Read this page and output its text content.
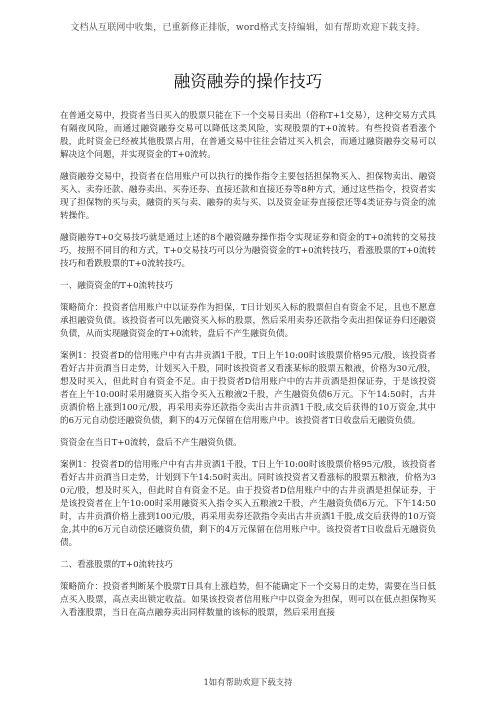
文档从互联网中收集，已重新修正排版，word格式支持编辑，如有帮助欢迎下载支持。
融资融券的操作技巧

在普通交易中，投资者当日买入的股票只能在下一个交易日卖出（俗称T+1交易），这种交易方式具有隔夜风险，而通过融资融券交易可以降低这类风险，实现股票的T+0流转。有些投资者看涨个股，此时资金已经被其他股票占用，在普通交易中往往会错过买入机会，而通过融资融券交易可以解决这个问题，并实现资金的T+0流转。

融资融券交易中，投资者在信用账户可以执行的操作指令主要包括担保物买入、担保物卖出、融资买入、卖券还款、融券卖出、买券还券、直接还款和直接还券等8种方式，通过这些指令，投资者实现了担保物的买与卖，融资的买与卖、融券的卖与买、以及资金证券直接偿还等4类证券与资金的流转操作。

融资融券T+0交易技巧就是通过上述的8个融资融券操作指令实现证券和资金的T+0流转的交易技巧，按照不同目的和方式，T+0交易技巧可以分为融资资金的T+0流转技巧，看涨股票的T+0流转技巧和看跌股票的T+0流转技巧。

一、融资资金的T+0流转技巧

策略简介：投资者信用账户中以证券作为担保，T日计划买入标的股票但自有资金不足，且也不愿意承担融资负债。该投资者可以先融资买入标的股票，然后采用卖券还款指令卖出担保证券归还融资负债，从而实现融资资金的T+0流转，盘后不产生融资负债。

案例1：投资者D的信用账户中有古井贡酒1千股，T日上午10:00时该股票价格95元/股，该投资者看好古井贡酒当日走势，计划买入千股，同时该投资者又看涨某标的股票五粮液，价格为30元/股，想及时买入，但此时自有资金不足。由于投资者D信用账户中的古井贡酒是担保证券，于是该投资者在上午10:00时采用融资买入指令买入五粮液2千股，产生融资负债6万元。下午14:50时，古井贡酒价格上涨到100元/股，再采用卖券还款指令卖出古井贡酒1千股,成交后获得的10万资金,其中的6万元自动偿还融资负债，剩下的4万元保留在信用账户中。该投资者T日收盘后无融资负债。

资资金在当日T+0流转，盘后不产生融资负债。

案例1：投资者D的信用账户中有古井贡酒1千股，T日上午10:00时该股票价格95元/股，该投资者看好古井贡酒当日走势，计划到下午14:50时卖出。同时该投资者又看涨标的股票五粮液，价格为30元/股，想及时买入，但此时自有资金不足。由于投资者D信用账户中的古井贡酒是担保证券，于是该投资者在上午10:00时采用融资买入指令买入五粮液2千股，产生融资负债6万元。下午14:50时，古井贡酒价格上涨到100元/股，再采用卖券还款指令卖出古井贡酒1千股,成交后获得的10万资金,其中的6万元自动偿还融资负债，剩下的4万元保留在信用账户中。该投资者T日收盘后无融资负债。

二、看涨股票的T+0流转技巧

策略简介：投资者判断某个股票T日具有上涨趋势，但不能确定下一个交易日的走势，需要在当日低点买入股票，高点卖出锁定收益。如果该投资者信用账户中以资金为担保，则可以在低点担保物买入看涨股票，当日在高点融券卖出同样数量的该标的股票，然后采用直接

1如有帮助欢迎下载支持
